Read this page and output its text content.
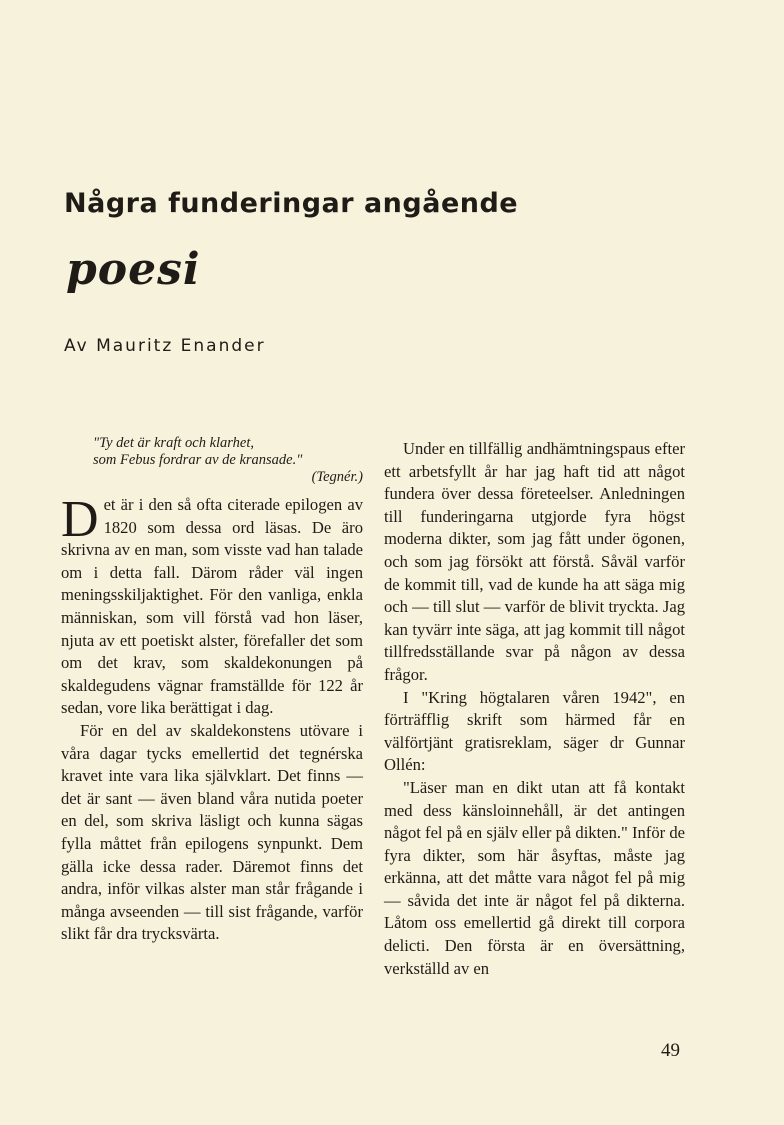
Några funderingar angående
poesi
Av Mauritz Enander
"Ty det är kraft och klarhet,
som Febus fordrar av de kransade."
(Tegnér.)

Det är i den så ofta citerade epilogen av 1820 som dessa ord läsas. De äro skrivna av en man, som visste vad han talade om i detta fall. Därom råder väl ingen meningsskiljaktighet. För den vanliga, enkla människan, som vill förstå vad hon läser, njuta av ett poetiskt alster, förefaller det som om det krav, som skaldekonungen på skaldegudens vägnar framställde för 122 år sedan, vore lika berättigat i dag.

För en del av skaldekonstens utövare i våra dagar tycks emellertid det tegnérska kravet inte vara lika självklart. Det finns — det är sant — även bland våra nutida poeter en del, som skriva läsligt och kunna sägas fylla måttet från epilogens synpunkt. Dem gälla icke dessa rader. Däremot finns det andra, inför vilkas alster man står frågande i många avseenden — till sist frågande, varför slikt får dra trycksvärta.

Under en tillfällig andhämtningspaus efter ett arbetsfyllt år har jag haft tid att något fundera över dessa företeelser. Anledningen till funderingarna utgjorde fyra högst moderna dikter, som jag fått under ögonen, och som jag försökt att förstå. Såväl varför de kommit till, vad de kunde ha att säga mig och — till slut — varför de blivit tryckta. Jag kan tyvärr inte säga, att jag kommit till något tillfredsställande svar på någon av dessa frågor.

I "Kring högtalaren våren 1942", en förträfflig skrift som härmed får en välförtjänt gratisreklam, säger dr Gunnar Ollén:

"Läser man en dikt utan att få kontakt med dess känsloinnehåll, är det antingen något fel på en själv eller på dikten." Inför de fyra dikter, som här åsyftas, måste jag erkänna, att det måtte vara något fel på mig — såvida det inte är något fel på dikterna. Låtom oss emellertid gå direkt till corpora delicti. Den första är en översättning, verkställd av en

49
